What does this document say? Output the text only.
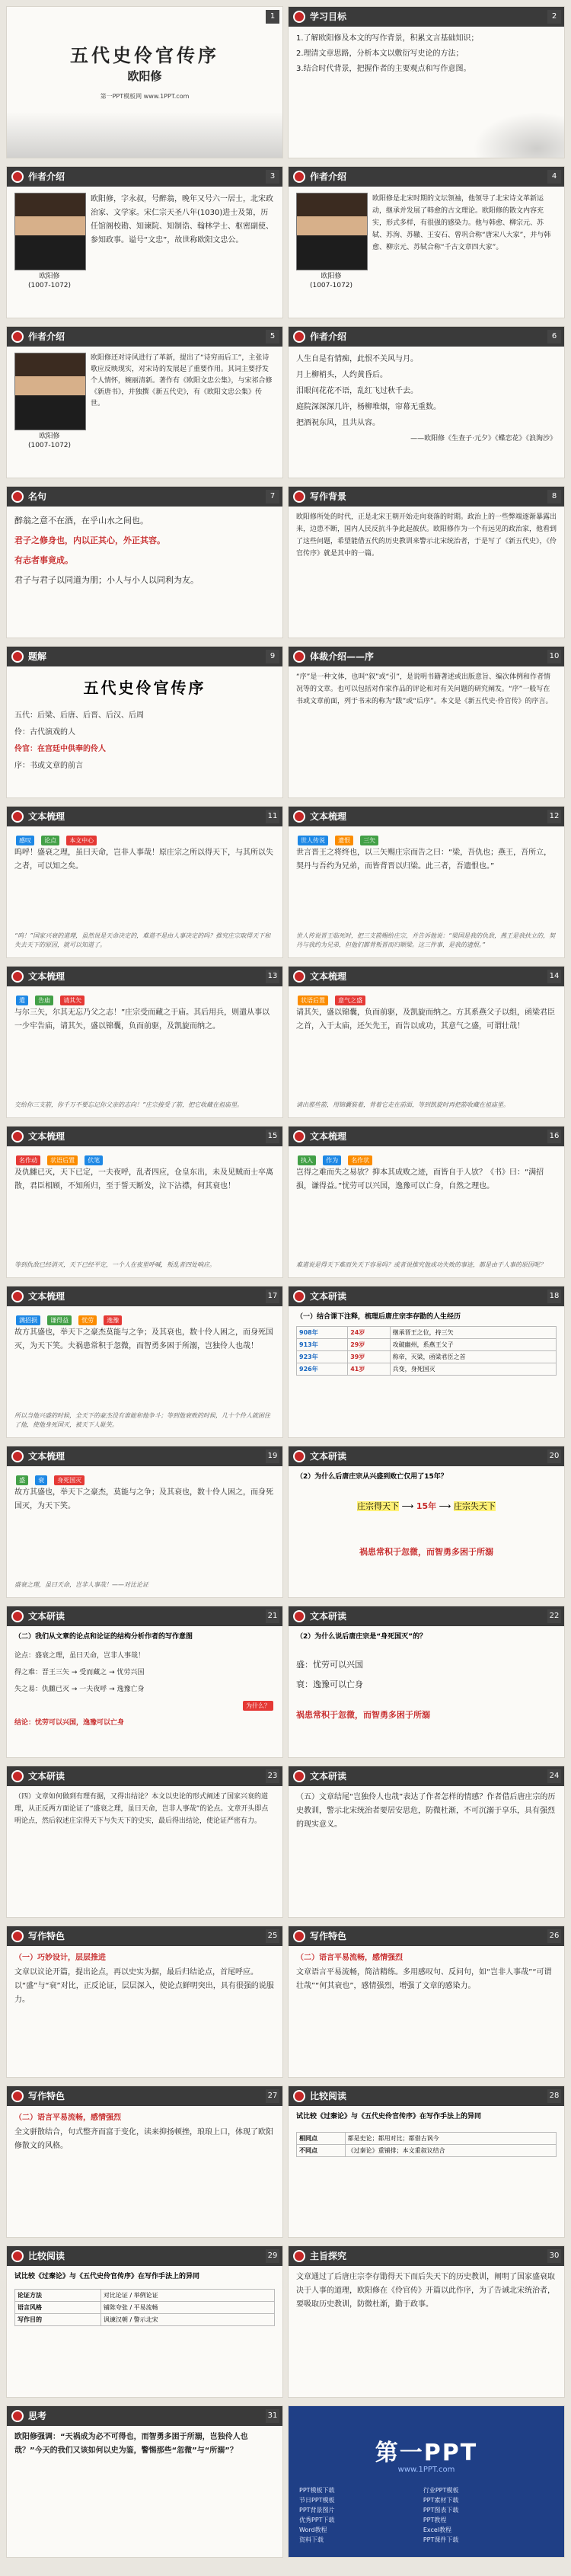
五代史伶官传序
欧阳修
第一PPT模板网 www.1PPT.com
1	学习目标	2
1.了解欧阳修及本文的写作背景，积累文言基础知识；
2.理清文章思路，分析本文以敷衍写史论的方法；
3.结合时代背景，把握作者的主要观点和写作意图。
作者介绍	3
欧阳修
(1007-1072)
欧阳修，字永叔，号醉翁，晚年又号六一居士，北宋政治家、文学家。宋仁宗天圣八年(1030)进士及第，历任馆阁校勘、知谏院、知制诰、翰林学士、枢密副使、参知政事。谥号“文忠”，故世称欧阳文忠公。
作者介绍	4
欧阳修
(1007-1072)
欧阳修是北宋时期的文坛领袖，他领导了北宋诗文革新运动，继承并发展了韩愈的古文理论。欧阳修的散文内容充实，形式多样，有很强的感染力。他与韩愈、柳宗元、苏轼、苏洵、苏辙、王安石、曾巩合称“唐宋八大家”，并与韩愈、柳宗元、苏轼合称“千古文章四大家”。
作者介绍	5
欧阳修
(1007-1072)
欧阳修还对诗风进行了革新，提出了“诗穷而后工”，主张诗歌应反映现实，对宋诗的发展起了重要作用。其词主要抒发个人情怀，婉丽清新。著作有《欧阳文忠公集》，与宋祁合修《新唐书》，并独撰《新五代史》，有《欧阳文忠公集》传世。
作者介绍	6
人生自是有情痴，此恨不关风与月。
月上柳梢头，人约黄昏后。
泪眼问花花不语，乱红飞过秋千去。
庭院深深深几许，杨柳堆烟，帘幕无重数。
把酒祝东风，且共从容。
——欧阳修《生查子·元夕》《蝶恋花》《浪淘沙》
名句	7
醉翁之意不在酒，在乎山水之间也。
君子之修身也，内以正其心，外正其容。
有志者事竟成。
君子与君子以同道为朋；小人与小人以同利为友。
写作背景	8
欧阳修所处的时代，正是北宋王朝开始走向衰落的时期。政治上的一些弊端逐渐暴露出来，边患不断，国内人民反抗斗争此起彼伏。欧阳修作为一个有远见的政治家，他看到了这些问题，希望能借五代的历史教训来警示北宋统治者，于是写了《新五代史》，《伶官传序》就是其中的一篇。
题解	9
五代史伶官传序
五代：后梁、后唐、后晋、后汉、后周
伶：古代演戏的人
伶官：在宫廷中供奉的伶人
序：书或文章的前言
体裁介绍——序	10
“序”是一种文体，也叫“叙”或“引”，是说明书籍著述或出版意旨、编次体例和作者情况等的文章。也可以包括对作家作品的评论和对有关问题的研究阐发。“序”一般写在书或文章前面，列于书末的称为“跋”或“后序”。本文是《新五代史·伶官传》的序言。
文本梳理	11
感叹 论点 本文中心
呜呼！盛衰之理，虽曰天命，岂非人事哉！原庄宗之所以得天下，与其所以失之者，可以知之矣。
“呜！”国家兴衰的道理，虽然说是天命决定的，难道不是由人事决定的吗？推究庄宗取得天下和失去天下的原因，就可以知道了。
文本梳理	12
世人传说 遗恨 三矢
世言晋王之将终也，以三矢赐庄宗而告之曰：“梁，吾仇也；燕王，吾所立，契丹与吾约为兄弟，而皆背晋以归梁。此三者，吾遗恨也。”
世人传说晋王临死时，把三支箭赐给庄宗，并告诉他说：“梁国是我的仇敌，燕王是我扶立的，契丹与我约为兄弟，但他们都背叛晋而归顺梁。这三件事，是我的遗恨。”
文本梳理	13
遣 告庙 请其矢
与尔三矢，尔其无忘乃父之志！”庄宗受而藏之于庙。其后用兵，则遣从事以一少牢告庙，请其矢，盛以锦囊，负而前驱，及凯旋而纳之。
交给你三支箭，你千万不要忘记你父亲的志向！”庄宗接受了箭，把它收藏在祖庙里。
文本梳理	14
状语后置 意气之盛
请其矢，盛以锦囊，负而前驱，及凯旋而纳之。方其系燕父子以组，函梁君臣之首，入于太庙，还矢先王，而告以成功，其意气之盛，可谓壮哉！
请出那些箭，用锦囊装着，背着它走在前面，等到凯旋时再把箭收藏在祖庙里。
文本梳理	15
名作动 状语后置 伏笔
及仇雠已灭，天下已定，一夫夜呼，乱者四应，仓皇东出，未及见贼而士卒离散，君臣相顾，不知所归，至于誓天断发，泣下沾襟，何其衰也！
等到仇敌已经消灭，天下已经平定，一个人在夜里呼喊，叛乱者四处响应。
文本梳理	16
执入 作为 名作状
岂得之难而失之易欤？抑本其成败之迹，而皆自于人欤？《书》曰：“满招损，谦得益。”忧劳可以兴国，逸豫可以亡身，自然之理也。
难道说是得天下难而失天下容易吗？或者说推究他成功失败的事迹，都是由于人事的原因呢？
文本梳理	17
满招损 谦得益 忧劳 逸豫
故方其盛也，举天下之豪杰莫能与之争；及其衰也，数十伶人困之，而身死国灭，为天下笑。夫祸患常积于忽微，而智勇多困于所溺，岂独伶人也哉！
所以当他兴盛的时候，全天下的豪杰没有谁能和他争斗；等到他衰败的时候，几十个伶人就困住了他，使他身死国灭，被天下人耻笑。
文本研读	18
（一）结合课下注释，梳理后唐庄宗李存勖的人生经历
908年	24岁	继承晋王之位，持三矢
913年	29岁	攻破幽州，系燕王父子
923年	39岁	称帝，灭梁，函梁君臣之首
926年	41岁	兵变，身死国灭
文本梳理	19
盛 衰 身死国灭
故方其盛也，举天下之豪杰，莫能与之争；及其衰也，数十伶人困之，而身死国灭，为天下笑。
盛衰之理，虽曰天命，岂非人事哉！——对比论证
文本研读	20
（2）为什么后唐庄宗从兴盛到败亡仅用了15年？
庄宗得天下 ⟶ 15年 ⟶ 庄宗失天下
祸患常积于忽微，而智勇多困于所溺
文本研读	21
（二）我们从文章的论点和论证的结构分析作者的写作意图
论点：盛衰之理，虽曰天命，岂非人事哉！
得之难：晋王三矢 → 受而藏之 → 忧劳兴国
失之易：仇雠已灭 → 一夫夜呼 → 逸豫亡身
为什么？
结论：忧劳可以兴国，逸豫可以亡身
文本研读	22
（2）为什么说后唐庄宗是“身死国灭”的？
盛：忧劳可以兴国
衰：逸豫可以亡身
祸患常积于忽微，而智勇多困于所溺
文本研读	23
（四）文章如何做到有理有据，又得出结论？本文以史论的形式阐述了国家兴衰的道理，从正反两方面论证了“盛衰之理，虽曰天命，岂非人事哉”的论点。文章开头即点明论点，然后叙述庄宗得天下与失天下的史实，最后得出结论，使论证严密有力。
文本研读	24
（五）文章结尾“岂独伶人也哉”表达了作者怎样的情感？作者借后唐庄宗的历史教训，警示北宋统治者要居安思危，防微杜渐，不可沉溺于享乐，具有强烈的现实意义。
写作特色	25
（一）巧妙设计，层层推进
文章以议论开篇，提出论点，再以史实为据，最后归结论点，首尾呼应。以“盛”与“衰”对比，正反论证，层层深入，使论点鲜明突出，具有很强的说服力。
写作特色	26
（二）语言平易流畅，感情强烈
文章语言平易流畅，简洁精练。多用感叹句、反问句，如“岂非人事哉”“可谓壮哉”“何其衰也”，感情强烈，增强了文章的感染力。
写作特色	27
（二）语言平易流畅，感情强烈
全文骈散结合，句式整齐而富于变化，读来抑扬顿挫，琅琅上口，体现了欧阳修散文的风格。
比较阅读	28
试比较《过秦论》与《五代史伶官传序》在写作手法上的异同
相同点	都是史论；都用对比；都借古讽今
不同点	《过秦论》重铺排；本文重叙议结合
比较阅读	29
试比较《过秦论》与《五代史伶官传序》在写作手法上的异同
论证方法	对比论证 / 举例论证
语言风格	铺陈夸张 / 平易流畅
写作目的	讽谏汉朝 / 警示北宋
主旨探究	30
文章通过了后唐庄宗李存勖得天下而后失天下的历史教训，阐明了国家盛衰取决于人事的道理，欧阳修在《伶官传》开篇以此作序，为了告诫北宋统治者，要吸取历史教训，防微杜渐，勤于政事。
思考	31
欧阳修强调：“天祸成为必不可得也，而智勇多困于所溺，岂独伶人也哉？”今天的我们又该如何以史为鉴，警惕那些“忽微”与“所溺”？	第一PPT
www.1PPT.com
PPT模板下载	行业PPT模板 节日PPT模板	PPT素材下载 PPT背景图片	PPT图表下载 优秀PPT下载	PPT教程 Word教程	Excel教程 资料下载	PPT课件下载
